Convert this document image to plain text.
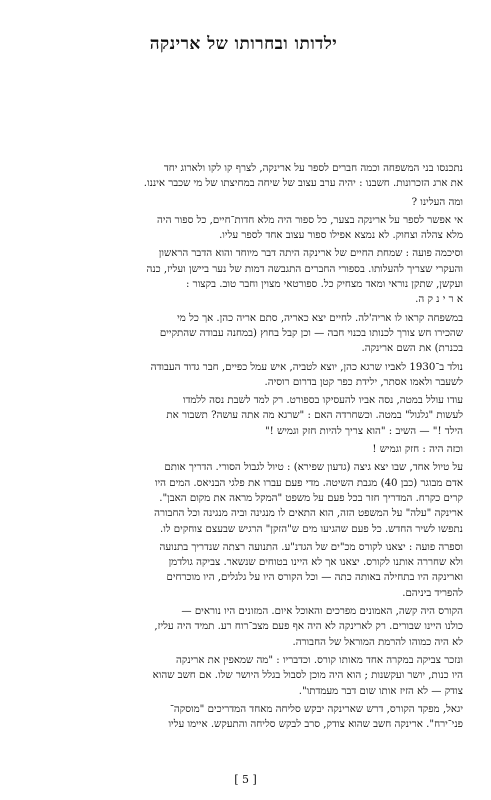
ילדותו ובחרותו של ארינקה

נתכנסו בני המשפחה וכמה חברים לספר על ארינקה, לצרף קו לקו ולארוג יחד
את ארג הזכרונות. חשבנו : יהיה ערב עצוב של שיחה במחיצתו של מי שכבר איננו.

ומה העלינו ?

אי אפשר לספר על ארינקה בצער, כל ספור היה מלא חדות־חיים, כל ספור היה
מלא צהלה וצחוק. לא נמצא אפילו ספור עצוב אחד לספר עליו.

וסיכמה פועה : שמחת החיים של ארינקה היתה דבר מיוחד והוא הדבר הראשון
והעקרי שצריך להעלותו. בספורי החברים התגבשה דמות של נער ביישן ועליז, כנה
ועקשן, שתקן נוראי ומאד מצחיק כל. ספורטאי מצוין וחבר טוב. בקצור :
א ר י נ ק ה.

במשפחה קראו לו אריה'לה. לחיים יצא כאריה, סתם אריה כהן. אך כל מי
שהכירו חש צורך לכנותו בכנוי חבה — וכן קבל בחוץ (במחנה עבודה שהתקיים
בכנרת) את השם ארינקה.

נולד ב־1930 לאביו שרגא כהן, יוצא לטביה, איש עמל כפיים, חבר גדוד העבודה
לשעבר ולאמו אסתר, ילידת כפר קטן בדרום רוסיה.

עודו עולל במטה, נסה אביו להעסיקו בספורט. רק למד לשבת נסה ללמדו
לעשות "גלגול" במטה. וכשחרדה האם : "שרגא מה אתה עושה? תשבור את
הילד !" — השיב : "הוא צריך להיות חזק וגמיש !"

וכזה היה : חזק וגמיש !

על טיול אחד, שבו יצא גיצה (גדעון שפירא) : טיול לגבול הסורי. הדריך אותם
אדם מבוגר (כבן 40) מגבת השיטה. מדי פעם עברו את פלגי הבניאס. המים היו
קרים כקרח. המדריך חזר בכל פעם על משפט "המקל מראה את מקום האבן".
ארינקה "עלה" על המשפט הזה, הוא התאים לו מנגינה וביה מנגינה וכל החבורה
נתפשו לשיר החדש. כל פעם שהגיעו מים ש"הזקן" הרגיש שבעצם צוחקים לו.

וספרה פועה : יצאנו לקורס מכ"ים של הגדנ"ע. התנועה רצתה שנדריך בתנועה
ולא שחררה אותנו לקורס. יצאנו אך לא היינו בטוחים שנשאר. צביקה גולדמן
וארינקה היו בתחילה באותה כתה — וכל הקורס היו על גלגלים, היו מוכרחים
להפריד ביניהם.

הקורס היה קשה, האמונים מפרכים והאוכל איום. המזונים היו נוראים —
כולנו היינו שבורים. רק לארינקה לא היה אף פעם מצב־רוח רע. תמיד היה עליז,
לא היה כמוהו להרמת המוראל של החבורה.

ונזכר צביקה במקרה אחד מאותו קורס. וכדבריו : "מה שמאפין את ארינקה
היו כנות, יושר ועקשנות ; הוא היה מוכן לסבול בגלל היושר שלו. אם חשב שהוא
צודק — לא הזיז אותו שום דבר מעמדתו".

יגאל, מפקד הקורס, דרש שארינקה יבקש סליחה מאחד המדריכים "מוסקה־
פני־ירח". ארינקה חשב שהוא צודק, סרב לבקש סליחה והתעקש. איימו עליו

[ 5 ]
